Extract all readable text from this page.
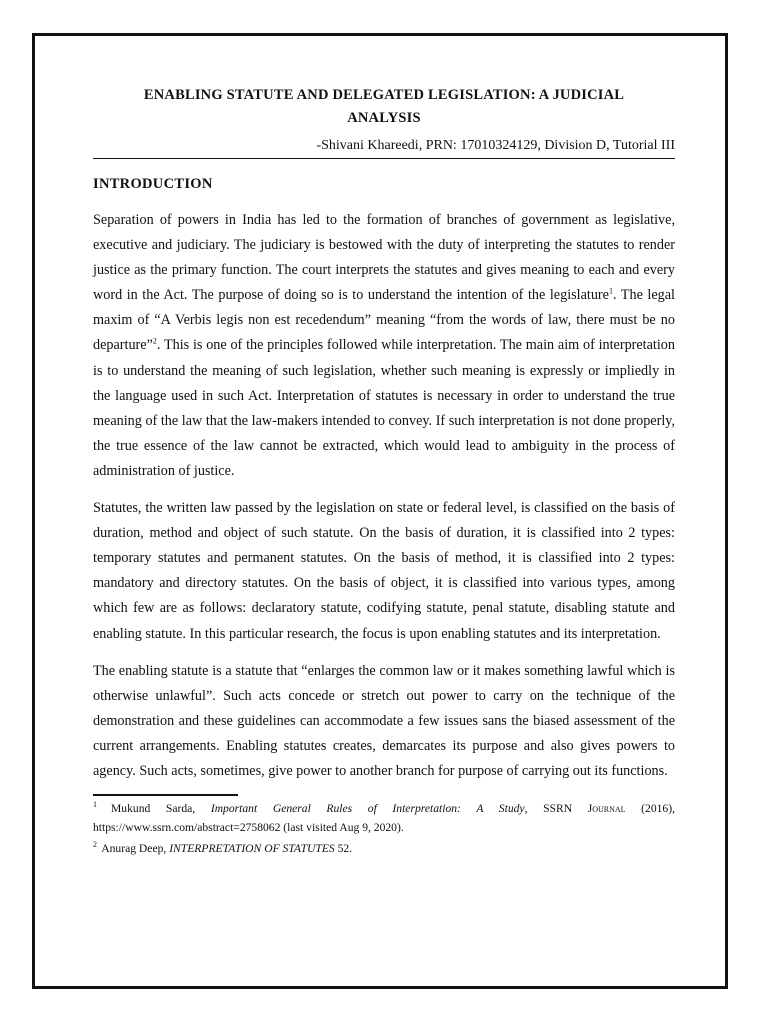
ENABLING STATUTE AND DELEGATED LEGISLATION: A JUDICIAL
ANALYSIS

-Shivani Khareedi, PRN: 17010324129, Division D, Tutorial III

INTRODUCTION

Separation of powers in India has led to the formation of branches of government as legislative, executive and judiciary. The judiciary is bestowed with the duty of interpreting the statutes to render justice as the primary function. The court interprets the statutes and gives meaning to each and every word in the Act. The purpose of doing so is to understand the intention of the legislature$^1$. The legal maxim of “A Verbis legis non est recedendum” meaning “from the words of law, there must be no departure”$^2$. This is one of the principles followed while interpretation. The main aim of interpretation is to understand the meaning of such legislation, whether such meaning is expressly or impliedly in the language used in such Act. Interpretation of statutes is necessary in order to understand the true meaning of the law that the law-makers intended to convey. If such interpretation is not done properly, the true essence of the law cannot be extracted, which would lead to ambiguity in the process of administration of justice.

Statutes, the written law passed by the legislation on state or federal level, is classified on the basis of duration, method and object of such statute. On the basis of duration, it is classified into 2 types: temporary statutes and permanent statutes. On the basis of method, it is classified into 2 types: mandatory and directory statutes. On the basis of object, it is classified into various types, among which few are as follows: declaratory statute, codifying statute, penal statute, disabling statute and enabling statute. In this particular research, the focus is upon enabling statutes and its interpretation.

The enabling statute is a statute that “enlarges the common law or it makes something lawful which is otherwise unlawful”. Such acts concede or stretch out power to carry on the technique of the demonstration and these guidelines can accommodate a few issues sans the biased assessment of the current arrangements. Enabling statutes creates, demarcates its purpose and also gives powers to agency. Such acts, sometimes, give power to another branch for purpose of carrying out its functions.

$^1$ Mukund Sarda, Important General Rules of Interpretation: A Study, SSRN Journal (2016), https://www.ssrn.com/abstract=2758062 (last visited Aug 9, 2020).

$^2$ Anurag Deep, INTERPRETATION OF STATUTES 52.
